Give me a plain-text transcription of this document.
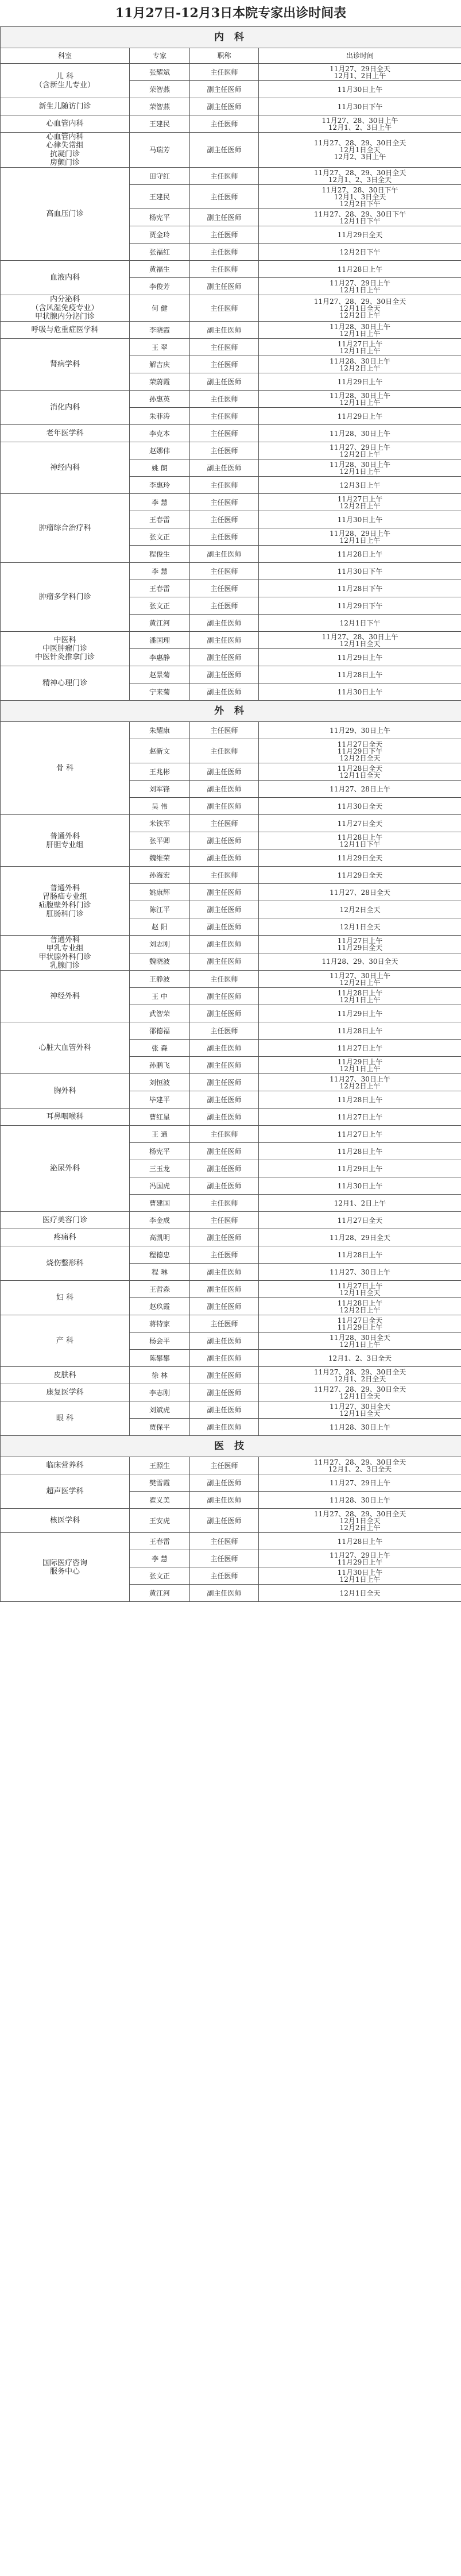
11月27日-12月3日本院专家出诊时间表			
内 科			
科室	专家	职称	出诊时间
儿 科
（含新生儿专业）	张耀斌	主任医师	11月27、29日全天
12月1、2日上午
	荣智燕	副主任医师	11月30日上午
新生儿随访门诊	荣智燕	副主任医师	11月30日下午
心血管内科	王建民	主任医师	11月27、28、30日上午
12月1、2、3日上午
心血管内科
心律失常组
抗凝门诊
房颤门诊	马瑞芳	副主任医师	11月27、28、29、30日全天
12月1日全天
12月2、3日上午
高血压门诊	田守红	主任医师	11月27、28、29、30日全天
12月1、2、3日全天
	王建民	主任医师	11月27、28、30日下午
12月1、3日全天
12月2日下午
	杨宪平	副主任医师	11月27、28、29、30日下午
12月1日下午
	贾金玲	主任医师	11月29日全天
	张福红	主任医师	12月2日下午
血液内科	黄福生	主任医师	11月28日上午
	李俊芳	副主任医师	11月27、29日上午
12月1日上午
内分泌科
（含风湿免疫专业）
甲状腺内分泌门诊	何 健	主任医师	11月27、28、29、30日全天
12月1日全天
12月2日上午
呼吸与危重症医学科	李晓霞	副主任医师	11月28、30日上午
12月1日上午
肾病学科	王 翠	主任医师	11月27日上午
12月1日上午
	解吉庆	主任医师	11月28、30日上午
12月2日上午
	荣蔚霞	副主任医师	11月29日上午
消化内科	孙惠英	主任医师	11月28、30日上午
12月1日上午
	朱菲涛	主任医师	11月29日上午
老年医学科	李克本	主任医师	11月28、30日上午
神经内科	赵娜伟	主任医师	11月27、29日上午
12月2日上午
	姚 朗	副主任医师	11月28、30日上午
12月1日上午
	李惠玲	主任医师	12月3日上午
肿瘤综合治疗科	李 慧	主任医师	11月27日上午
12月2日上午
	王春雷	主任医师	11月30日上午
	张文正	主任医师	11月28、29日上午
12月1日上午
	程俊生	副主任医师	11月28日上午
肿瘤多学科门诊	李 慧	主任医师	11月30日下午
	王春雷	主任医师	11月28日下午
	张文正	主任医师	11月29日下午
	黄江河	副主任医师	12月1日下午
中医科
中医肿瘤门诊
中医针灸推拿门诊	潘国理	副主任医师	11月27、28、30日上午
12月1日全天
	李惠静	副主任医师	11月29日上午
精神心理门诊	赵景菊	副主任医师	11月28日上午
	宁来菊	副主任医师	11月30日上午
外 科			
骨 科	朱耀康	主任医师	11月29、30日上午
	赵新文	主任医师	11月27日全天
11月29日下午
12月2日全天
	王兆彬	副主任医师	11月28日全天
12月1日全天
	刘军锋	副主任医师	11月27、28日上午
	吴 伟	副主任医师	11月30日全天
普通外科
肝胆专业组	米铁军	主任医师	11月27日全天
	张平卿	副主任医师	11月28日上午
12月1日下午
	魏维荣	副主任医师	11月29日全天
普通外科
胃肠疝专业组
疝腹壁外科门诊
肛肠科门诊	孙海宏	主任医师	11月29日全天
	姚康辉	副主任医师	11月27、28日全天
	陈江平	副主任医师	12月2日全天
	赵 阳	副主任医师	12月1日全天
普通外科
甲乳专业组
甲状腺外科门诊
乳腺门诊	刘志刚	副主任医师	11月27日上午
11月29日全天
	魏晓波	副主任医师	11月28、29、30日全天
神经外科	王静波	主任医师	11月27、30日上午
12月2日上午
	王 中	副主任医师	11月28日上午
12月1日上午
	武智荣	副主任医师	11月29日上午
心脏大血管外科	邵德福	主任医师	11月28日上午
	张 森	副主任医师	11月27日上午
	孙鹏飞	副主任医师	11月29日上午
12月1日上午
胸外科	刘恒波	副主任医师	11月27、30日上午
12月2日上午
	毕建平	副主任医师	11月28日上午
耳鼻咽喉科	曹红星	副主任医师	11月27日上午
泌尿外科	王 通	主任医师	11月27日上午
	杨宪平	副主任医师	11月28日上午
	三玉龙	副主任医师	11月29日上午
	冯国虎	副主任医师	11月30日上午
	曹建国	主任医师	12月1、2日上午
医疗美容门诊	李金成	主任医师	11月27日全天
疼痛科	高凯明	副主任医师	11月28、29日全天
烧伤整形科	程德忠	主任医师	11月28日上午
	程 琳	副主任医师	11月27、30日上午
妇 科	王哲森	副主任医师	11月27日上午
12月1日全天
	赵玖霞	副主任医师	11月28日上午
12月2日上午
产 科	蒋特家	主任医师	11月27日全天
11月29日上午
	杨会平	副主任医师	11月28、30日全天
12月1日上午
	陈攀攀	副主任医师	12月1、2、3日全天
皮肤科	徐 林	副主任医师	11月27、28、29、30日全天
12月1、2日全天
康复医学科	李志刚	副主任医师	11月27、28、29、30日全天
12月1日全天
眼 科	刘斌虎	副主任医师	11月27、30日全天
12月1日全天
	贾保平	副主任医师	11月28、30日上午
医 技			
临床营养科	王照生	主任医师	11月27、28、29、30日全天
12月1、2、3日全天
超声医学科	樊雪霞	副主任医师	11月27、29日上午
	翟义美	副主任医师	11月28、30日上午
核医学科	王安虎	副主任医师	11月27、28、29、30日全天
12月1日全天
12月2日上午
国际医疗咨询
服务中心	王春雷	主任医师	11月28日上午
	李 慧	主任医师	11月27、29日上午
11月29日上午
	张文正	主任医师	11月30日上午
12月1日上午
	黄江河	副主任医师	12月1日全天
